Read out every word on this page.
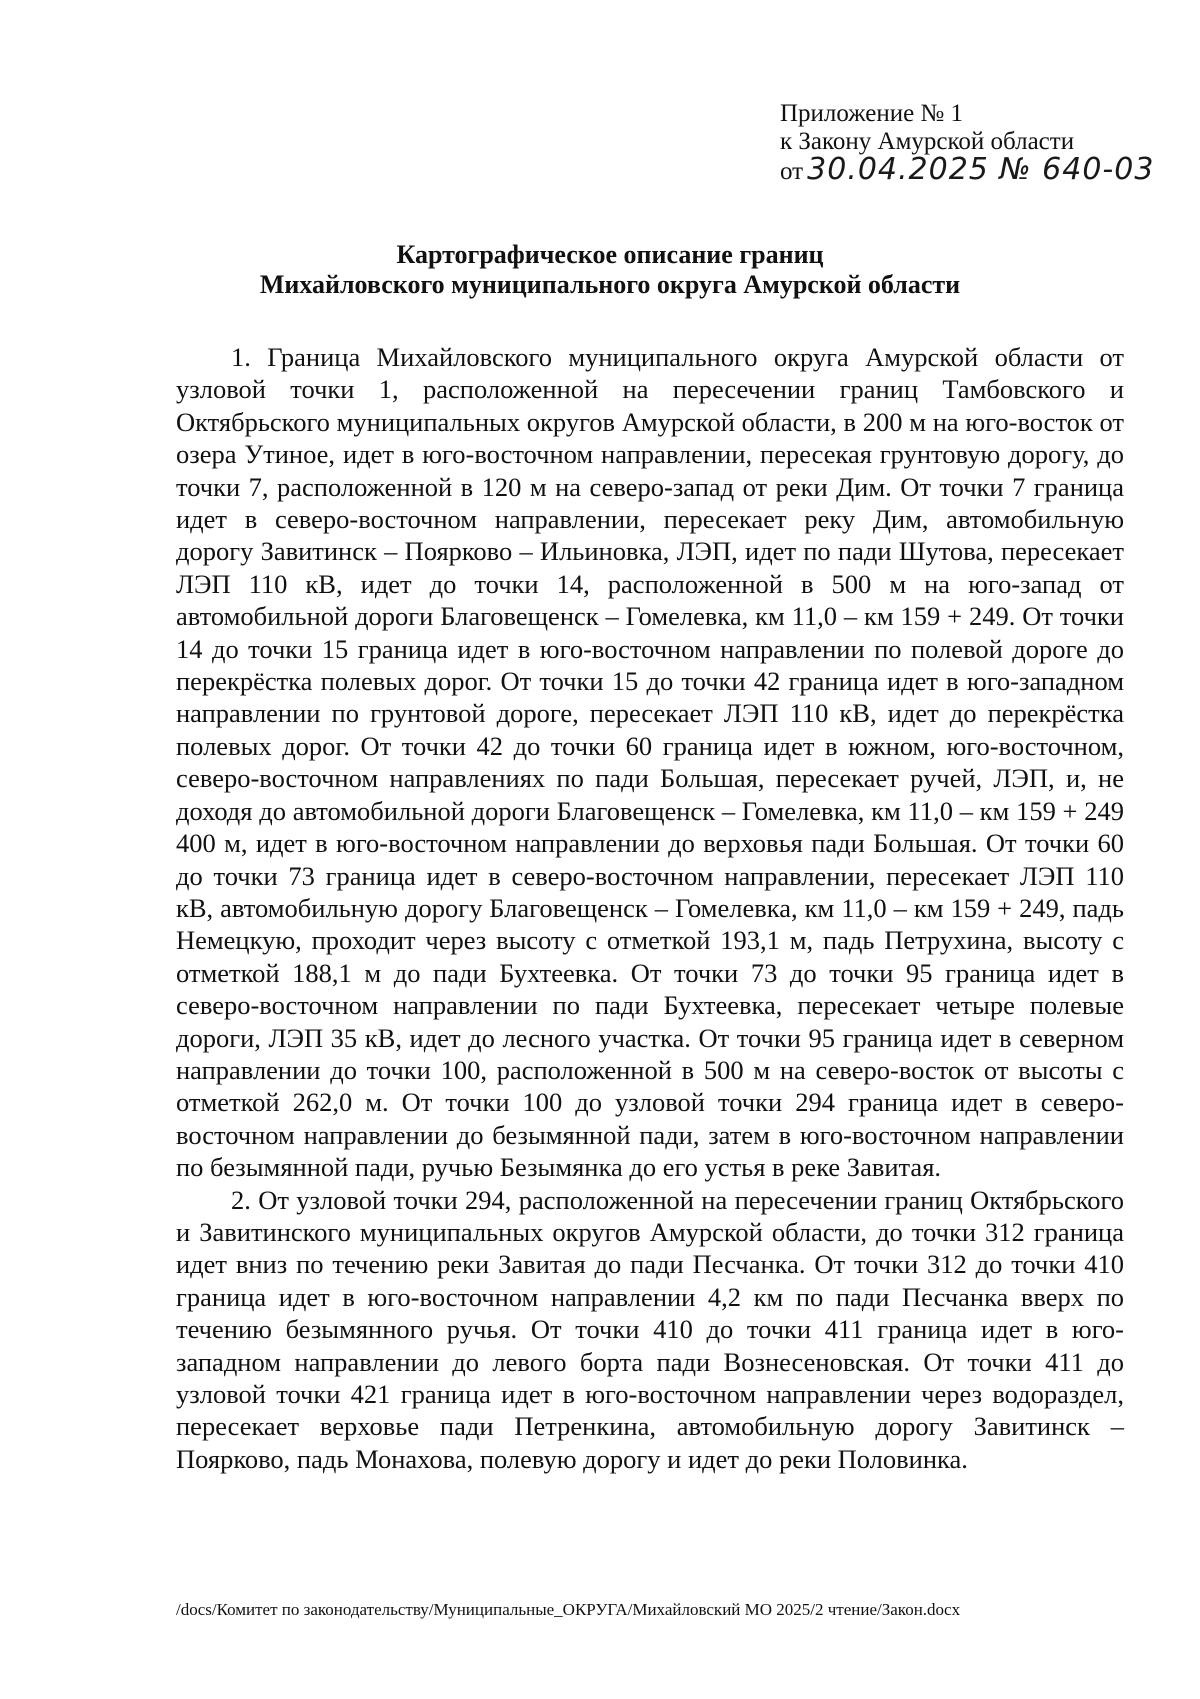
Приложение № 1
к Закону Амурской области
от 30.04.2025 № 640-03
Картографическое описание границ
Михайловского муниципального округа Амурской области

1. Граница Михайловского муниципального округа Амурской области от узловой точки 1, расположенной на пересечении границ Тамбовского и Октябрьского муниципальных округов Амурской области, в 200 м на юго-восток от озера Утиное, идет в юго-восточном направлении, пересекая грунтовую дорогу, до точки 7, расположенной в 120 м на северо-запад от реки Дим. От точки 7 граница идет в северо-восточном направлении, пересекает реку Дим, автомобильную дорогу Завитинск – Поярково – Ильиновка, ЛЭП, идет по пади Шутова, пересекает ЛЭП 110 кВ, идет до точки 14, расположенной в 500 м на юго-запад от автомобильной дороги Благовещенск – Гомелевка, км 11,0 – км 159 + 249. От точки 14 до точки 15 граница идет в юго-восточном направлении по полевой дороге до перекрёстка полевых дорог. От точки 15 до точки 42 граница идет в юго-западном направлении по грунтовой дороге, пересекает ЛЭП 110 кВ, идет до перекрёстка полевых дорог. От точки 42 до точки 60 граница идет в южном, юго-восточном, северо-восточном направлениях по пади Большая, пересекает ручей, ЛЭП, и, не доходя до автомобильной дороги Благовещенск – Гомелевка, км 11,0 – км 159 + 249 400 м, идет в юго-восточном направлении до верховья пади Большая. От точки 60 до точки 73 граница идет в северо-восточном направлении, пересекает ЛЭП 110 кВ, автомобильную дорогу Благовещенск – Гомелевка, км 11,0 – км 159 + 249, падь Немецкую, проходит через высоту с отметкой 193,1 м, падь Петрухина, высоту с отметкой 188,1 м до пади Бухтеевка. От точки 73 до точки 95 граница идет в северо-восточном направлении по пади Бухтеевка, пересекает четыре полевые дороги, ЛЭП 35 кВ, идет до лесного участка. От точки 95 граница идет в северном направлении до точки 100, расположенной в 500 м на северо-восток от высоты с отметкой 262,0 м. От точки 100 до узловой точки 294 граница идет в северо-восточном направлении до безымянной пади, затем в юго-восточном направлении по безымянной пади, ручью Безымянка до его устья в реке Завитая.

2. От узловой точки 294, расположенной на пересечении границ Октябрьского и Завитинского муниципальных округов Амурской области, до точки 312 граница идет вниз по течению реки Завитая до пади Песчанка. От точки 312 до точки 410 граница идет в юго-восточном направлении 4,2 км по пади Песчанка вверх по течению безымянного ручья. От точки 410 до точки 411 граница идет в юго-западном направлении до левого борта пади Вознесеновская. От точки 411 до узловой точки 421 граница идет в юго-восточном направлении через водораздел, пересекает верховье пади Петренкина, автомобильную дорогу Завитинск – Поярково, падь Монахова, полевую дорогу и идет до реки Половинка.

/docs/Комитет по законодательству/Муниципальные_ОКРУГА/Михайловский МО 2025/2 чтение/Закон.docx
